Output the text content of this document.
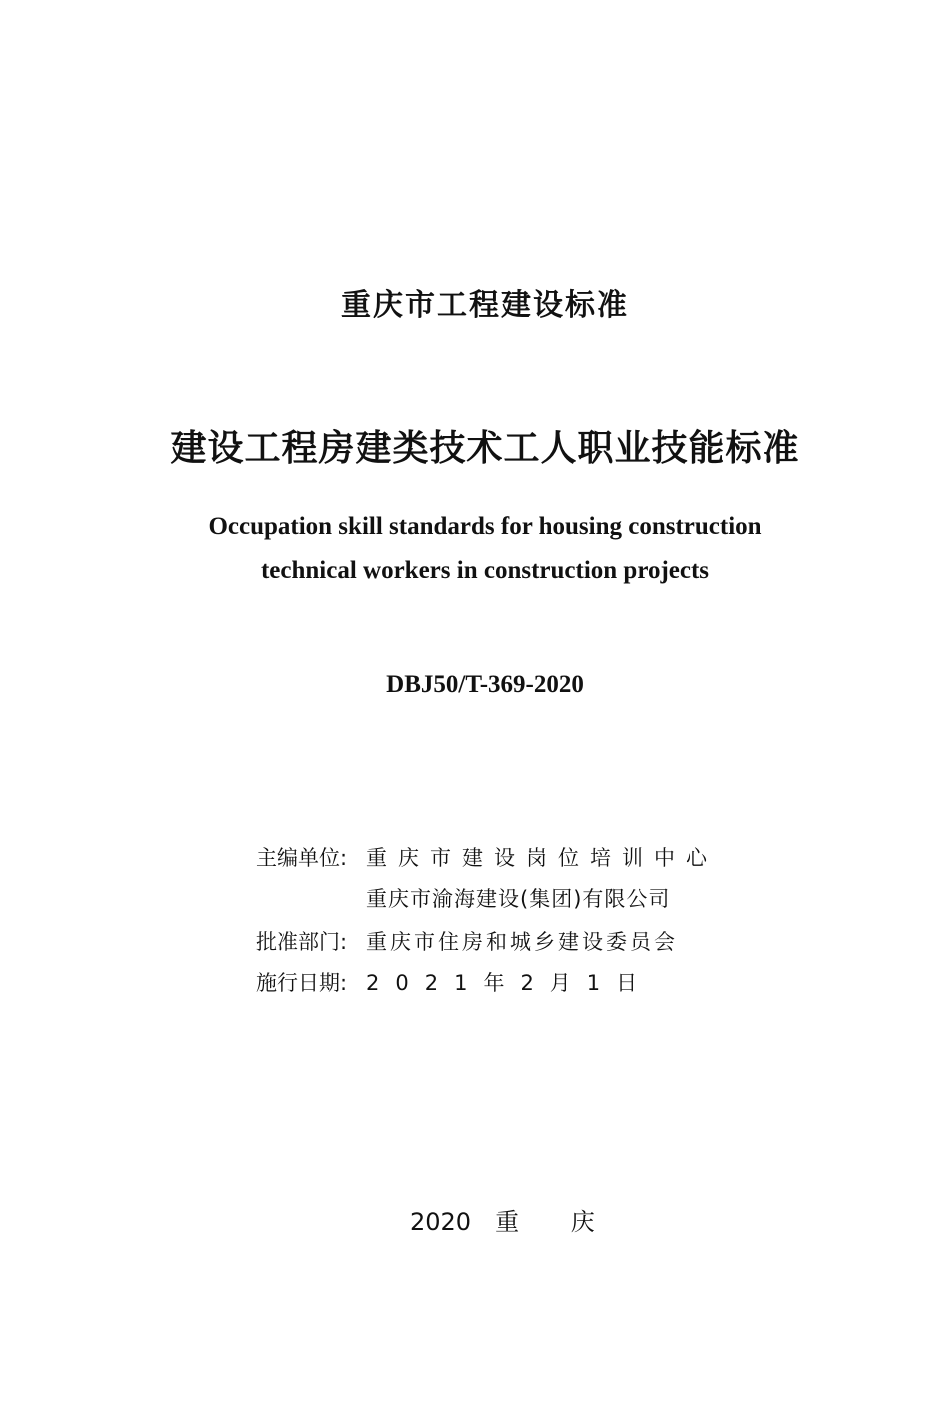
重庆市工程建设标准
建设工程房建类技术工人职业技能标准
Occupation skill standards for housing construction
technical workers in construction projects
DBJ50/T-369-2020
主编单位: 重庆市建设岗位培训中心
重庆市渝海建设(集团)有限公司
批准部门: 重庆市住房和城乡建设委员会
施行日期: 2021年2月1日
2020 重 庆
